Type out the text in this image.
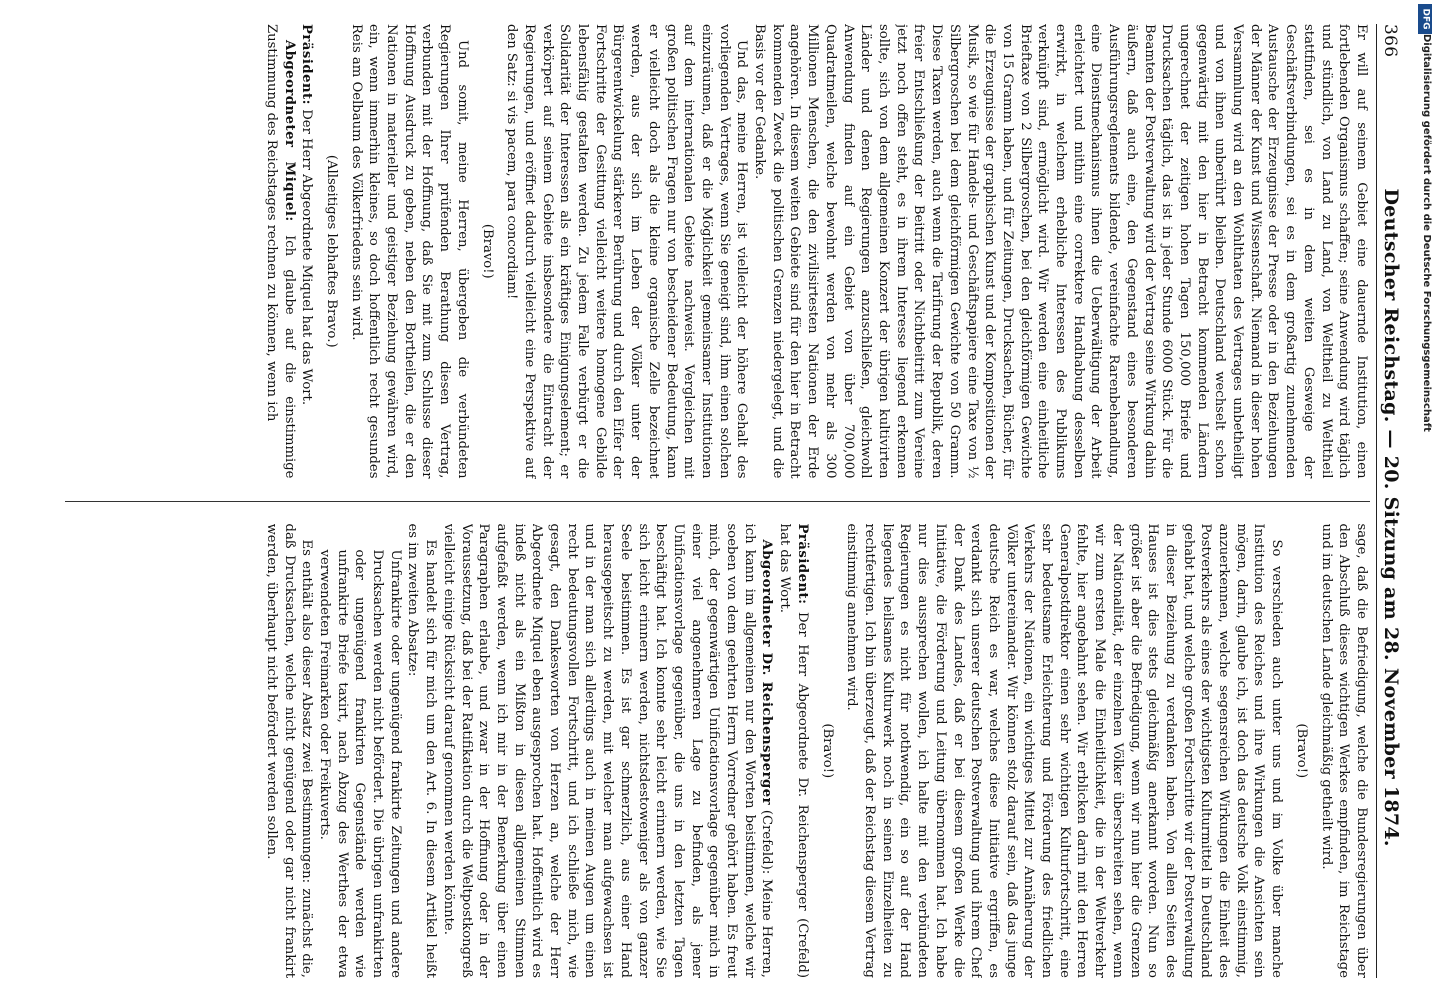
366
Deutscher Reichstag. — 20. Sitzung am 28. November 1874.

Er will auf seinem Gebiet eine dauernde Institution, einen fortlebenden Organismus schaffen; seine Anwendung wird täglich und stündlich, von Land zu Land, von Welttheil zu Welttheil stattfinden, sei es in dem weiten Gesweige der Geschäftsverbindungen, sei es in dem großartig zunehmenden Austausche der Erzeugnisse der Presse oder in den Beziehungen der Männer der Kunst und Wissenschaft. Niemand in dieser hohen Versammlung wird an den Wohlthaten des Vertrages unbetheiligt und von ihnen unberührt bleiben. Deutschland wechselt schon gegenwärtig mit den hier in Betracht kommenden Ländern ungerechnet der zeitigen hohen Tagen 150,000 Briefe und Drucksachen täglich, das ist in jeder Stunde 6000 Stück. Für die Beamten der Postverwaltung wird der Vertrag seine Wirkung dahin äußern, daß auch eine, den Gegenstand eines besonderen Ausführungsreglements bildende, vereinfachte Rarenbehandlung, eine Dienstmechanismus ihnen die Ueberwältigung der Arbeit erleichtert und mithin eine correktere Handhabung desselben erwirkt, in welchem erhebliche Interessen des Publikums verknüpft sind, ermöglicht wird. Wir werden eine einheitliche Brieftaxe von 2 Silbergroschen, bei den gleichförmigen Gewichte von 15 Gramm haben, und für Zeitungen, Drucksachen, Bücher, für die Erzeugnisse der graphischen Kunst und der Kompositionen der Musik, so wie für Handels- und Geschäftspapiere eine Taxe von ½ Silbergroschen bei dem gleichförmigen Gewichte von 50 Gramm. Diese Taxen werden, auch wenn die Tarifirung der Republik, deren freier Entschließung der Beitritt oder Nichtbeitritt zum Vereine jetzt noch offen steht, es in ihrem Interesse liegend erkennen sollte, sich von dem allgemeinen Konzert der übrigen kultivirten Länder und denen Regierungen anzuschließen, gleichwohl Anwendung finden auf ein Gebiet von über 700,000 Quadratmeilen, welche bewohnt werden von mehr als 300 Millionen Menschen, die den zivilisirtesten Nationen der Erde angehören. In diesem weiten Gebiete sind für den hier in Betracht kommenden Zweck die politischen Grenzen niedergelegt, und die Basis vor der Gedanke.

Und das, meine Herren, ist vielleicht der höhere Gehalt des vorliegenden Vertrages, wenn Sie geneigt sind, ihm einen solchen einzuräumen, daß er die Möglichkeit gemeinsamer Institutionen auf dem internationalen Gebiete nachweist. Vergleichen mit großen politischen Fragen nur von bescheidener Bedeutung, kann er vielleicht doch als die kleine organische Zelle bezeichnet werden, aus der sich im Leben der Völker unter der Bürgerentwickelung stärkerer Berührung und durch den Eifer der Fortschritte der Gesittung vielleicht weitere homogene Gebilde lebensfähig gestalten werden. Zu jedem Falle verbürgt er die Solidarität der Interessen als ein kräftiges Einigungselement; er verkörpert auf seinem Gebiete insbesondere die Eintracht der Regierungen, und eröffnet dadurch vielleicht eine Perspektive auf den Satz: si vis pacem, para concordiam!

(Bravo!)

Und somit, meine Herren, übergeben die verbündeten Regierungen Ihrer prüfenden Berathung diesen Vertrag, verbunden mit der Hoffnung, daß Sie mit zum Schlusse dieser Hoffnung Ausdruck zu geben, neben den Bortheilen, die er den Nationen in materieller und geistiger Beziehung gewähren wird, ein, wenn immerhin kleines, so doch hoffentlich recht gesundes Reis am Oelbaum des Völkerfriedens sein wird.

(Allseitiges lebhaftes Bravo.)

Präsident: Der Herr Abgeordnete Miquel hat das Wort.

Abgeordneter Miquel: Ich glaube auf die einstimmige Zustimmung des Reichstages rechnen zu können, wenn ich

sage, daß die Befriedigung, welche die Bundesregierungen über den Abschluß dieses wichtigen Werkes empfinden, im Reichstage und im deutschen Lande gleichmäßig getheilt wird.

(Bravo!)

So verschieden auch unter uns und im Volke über manche Institution des Reiches und ihre Wirkungen die Ansichten sein mögen, darin, glaube ich, ist doch das deutsche Volk einstimmig, anzuerkennen, welche segensreichen Wirkungen die Einheit des Postverkehrs als eines der wichtigsten Kulturmittel in Deutschland gehabt hat, und welche großen Fortschritte wir der Postverwaltung in dieser Beziehung zu verdanken haben. Von allen Seiten des Hauses ist dies stets gleichmäßig anerkannt worden. Nun so größer ist aber die Befriedigung, wenn wir nun hier die Grenzen der Nationalität, der einzelnen Völker überschreiten sehen, wenn wir zum ersten Male die Einheitlichkeit, die in der Weltverkehr fehlte, hier angebahnt sehen. Wir erblicken darin mit den Herren Generalpostdirektor einen sehr wichtigen Kulturfortschritt, eine sehr bedeutsame Erleichterung und Förderung des friedlichen Verkehrs der Nationen, ein wichtiges Mittel zur Annäherung der Völker untereinander. Wir können stolz darauf sein, daß das junge deutsche Reich es war, welches diese Initiative ergriffen, es verdankt sich unserer deutschen Postverwaltung und ihrem Chef der Dank des Landes, daß er bei diesem großen Werke die Initiative, die Förderung und Leitung übernommen hat. Ich habe nur dies aussprechen wollen, ich halte mit den verbündeten Regierungen es nicht für nothwendig, ein so auf der Hand liegendes heilsames Kulturwerk noch in seinen Einzelheiten zu rechtfertigen. Ich bin überzeugt, daß der Reichstag diesem Vertrag einstimmig annehmen wird.

(Bravo!)

Präsident: Der Herr Abgeordnete Dr. Reichensperger (Crefeld) hat das Wort.

Abgeordneter Dr. Reichensperger (Crefeld): Meine Herren, ich kann im allgemeinen nur den Worten beistimmen, welche wir soeben von dem geehrten Herrn Vorredner gehört haben. Es freut mich, der gegenwärtigen Unificationsvorlage gegenüber mich in einer viel angenehmeren Lage zu befinden, als jener Unificationsvorlage gegenüber, die uns in den letzten Tagen beschäftigt hat. Ich konnte sehr leicht erinnern werden, wie Sie sich leicht erinnern werden, nichtsdestoweniger als von ganzer Seele beistimmen. Es ist gar schmerzlich, aus einer Hand herausgepeitscht zu werden, mit welcher man aufgewachsen ist und in der man sich allerdings auch in meinen Augen um einen recht bedeutungsvollen Fortschritt, und ich schließe mich, wie gesagt, den Dankesworten von Herzen an, welche der Herr Abgeordnete Miquel eben ausgesprochen hat. Hoffentlich wird es indeß nicht als ein Mißton in diesen allgemeinen Stimmen aufgefaßt werden, wenn ich mir in der Bemerkung über einen Paragraphen erlaube, und zwar in der Hoffnung oder in der Voraussetzung, daß bei der Ratifikation durch die Weltpostkongreß vielleicht einige Rücksicht darauf genommen werden könnte.

Es handelt sich für mich um den Art. 6. In diesem Artikel heißt es im zweiten Absatze:

Unfrankirte oder ungenügend frankirte Zeitungen und andere Drucksachen werden nicht befördert. Die übrigen unfrankirten oder ungenügend frankirten Gegenstände werden wie unfrankirte Briefe taxirt, nach Abzug des Werthes der etwa verwendeten Freimarken oder Freikuverts.

Es enthält also dieser Absatz zwei Bestimmungen: zunächst die, daß Drucksachen, welche nicht genügend oder gar nicht frankirt werden, überhaupt nicht befördert werden sollen.

DFG
Digitalisierung gefördert durch die Deutsche Forschungsgemeinschaft
